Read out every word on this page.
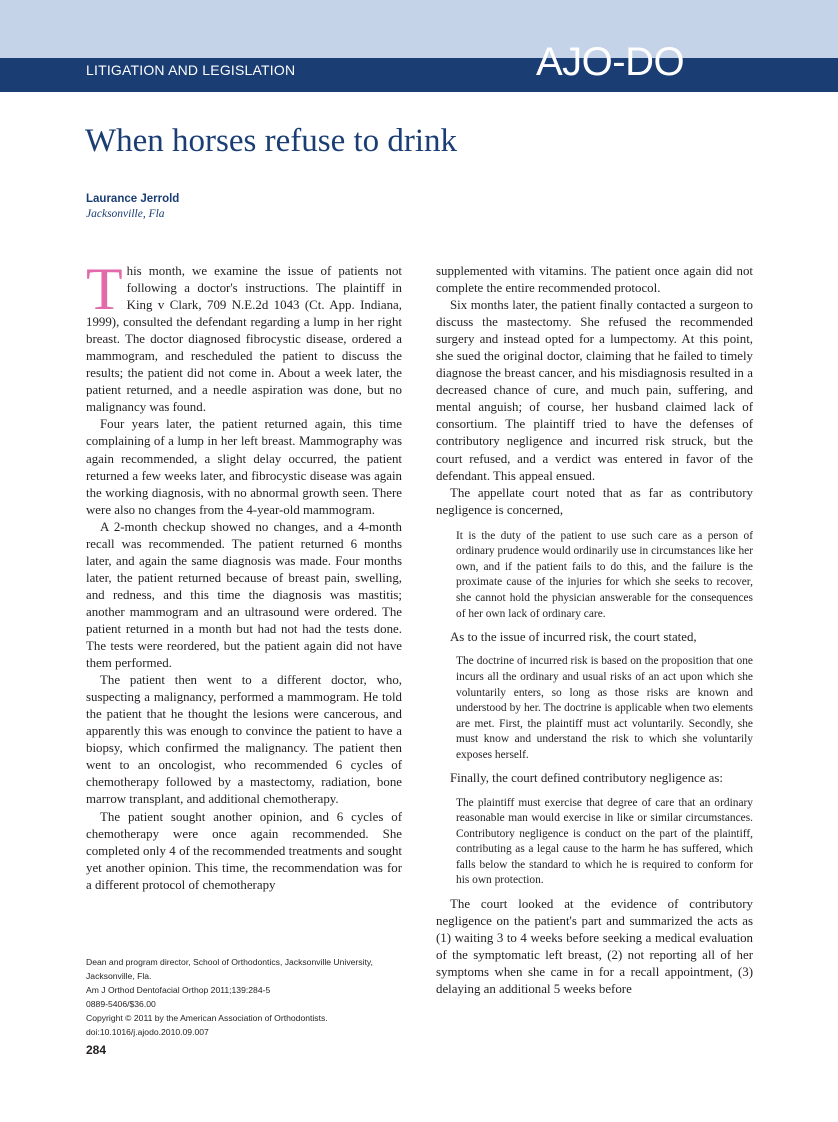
LITIGATION AND LEGISLATION	AJO-DO
When horses refuse to drink
Laurance Jerrold
Jacksonville, Fla

This month, we examine the issue of patients not following a doctor's instructions. The plaintiff in King v Clark, 709 N.E.2d 1043 (Ct. App. Indiana, 1999), consulted the defendant regarding a lump in her right breast. The doctor diagnosed fibrocystic disease, ordered a mammogram, and rescheduled the patient to discuss the results; the patient did not come in. About a week later, the patient returned, and a needle aspiration was done, but no malignancy was found.

Four years later, the patient returned again, this time complaining of a lump in her left breast. Mammography was again recommended, a slight delay occurred, the patient returned a few weeks later, and fibrocystic disease was again the working diagnosis, with no abnormal growth seen. There were also no changes from the 4-year-old mammogram.

A 2-month checkup showed no changes, and a 4-month recall was recommended. The patient returned 6 months later, and again the same diagnosis was made. Four months later, the patient returned because of breast pain, swelling, and redness, and this time the diagnosis was mastitis; another mammogram and an ultrasound were ordered. The patient returned in a month but had not had the tests done. The tests were reordered, but the patient again did not have them performed.

The patient then went to a different doctor, who, suspecting a malignancy, performed a mammogram. He told the patient that he thought the lesions were cancerous, and apparently this was enough to convince the patient to have a biopsy, which confirmed the malignancy. The patient then went to an oncologist, who recommended 6 cycles of chemotherapy followed by a mastectomy, radiation, bone marrow transplant, and additional chemotherapy.

The patient sought another opinion, and 6 cycles of chemotherapy were once again recommended. She completed only 4 of the recommended treatments and sought yet another opinion. This time, the recommendation was for a different protocol of chemotherapy

supplemented with vitamins. The patient once again did not complete the entire recommended protocol.

Six months later, the patient finally contacted a surgeon to discuss the mastectomy. She refused the recommended surgery and instead opted for a lumpectomy. At this point, she sued the original doctor, claiming that he failed to timely diagnose the breast cancer, and his misdiagnosis resulted in a decreased chance of cure, and much pain, suffering, and mental anguish; of course, her husband claimed lack of consortium. The plaintiff tried to have the defenses of contributory negligence and incurred risk struck, but the court refused, and a verdict was entered in favor of the defendant. This appeal ensued.

The appellate court noted that as far as contributory negligence is concerned,

It is the duty of the patient to use such care as a person of ordinary prudence would ordinarily use in circumstances like her own, and if the patient fails to do this, and the failure is the proximate cause of the injuries for which she seeks to recover, she cannot hold the physician answerable for the consequences of her own lack of ordinary care.

As to the issue of incurred risk, the court stated,

The doctrine of incurred risk is based on the proposition that one incurs all the ordinary and usual risks of an act upon which she voluntarily enters, so long as those risks are known and understood by her. The doctrine is applicable when two elements are met. First, the plaintiff must act voluntarily. Secondly, she must know and understand the risk to which she voluntarily exposes herself.

Finally, the court defined contributory negligence as:

The plaintiff must exercise that degree of care that an ordinary reasonable man would exercise in like or similar circumstances. Contributory negligence is conduct on the part of the plaintiff, contributing as a legal cause to the harm he has suffered, which falls below the standard to which he is required to conform for his own protection.

The court looked at the evidence of contributory negligence on the patient's part and summarized the acts as (1) waiting 3 to 4 weeks before seeking a medical evaluation of the symptomatic left breast, (2) not reporting all of her symptoms when she came in for a recall appointment, (3) delaying an additional 5 weeks before

Dean and program director, School of Orthodontics, Jacksonville University, Jacksonville, Fla.
Am J Orthod Dentofacial Orthop 2011;139:284-5
0889-5406/$36.00
Copyright © 2011 by the American Association of Orthodontists.
doi:10.1016/j.ajodo.2010.09.007
284
